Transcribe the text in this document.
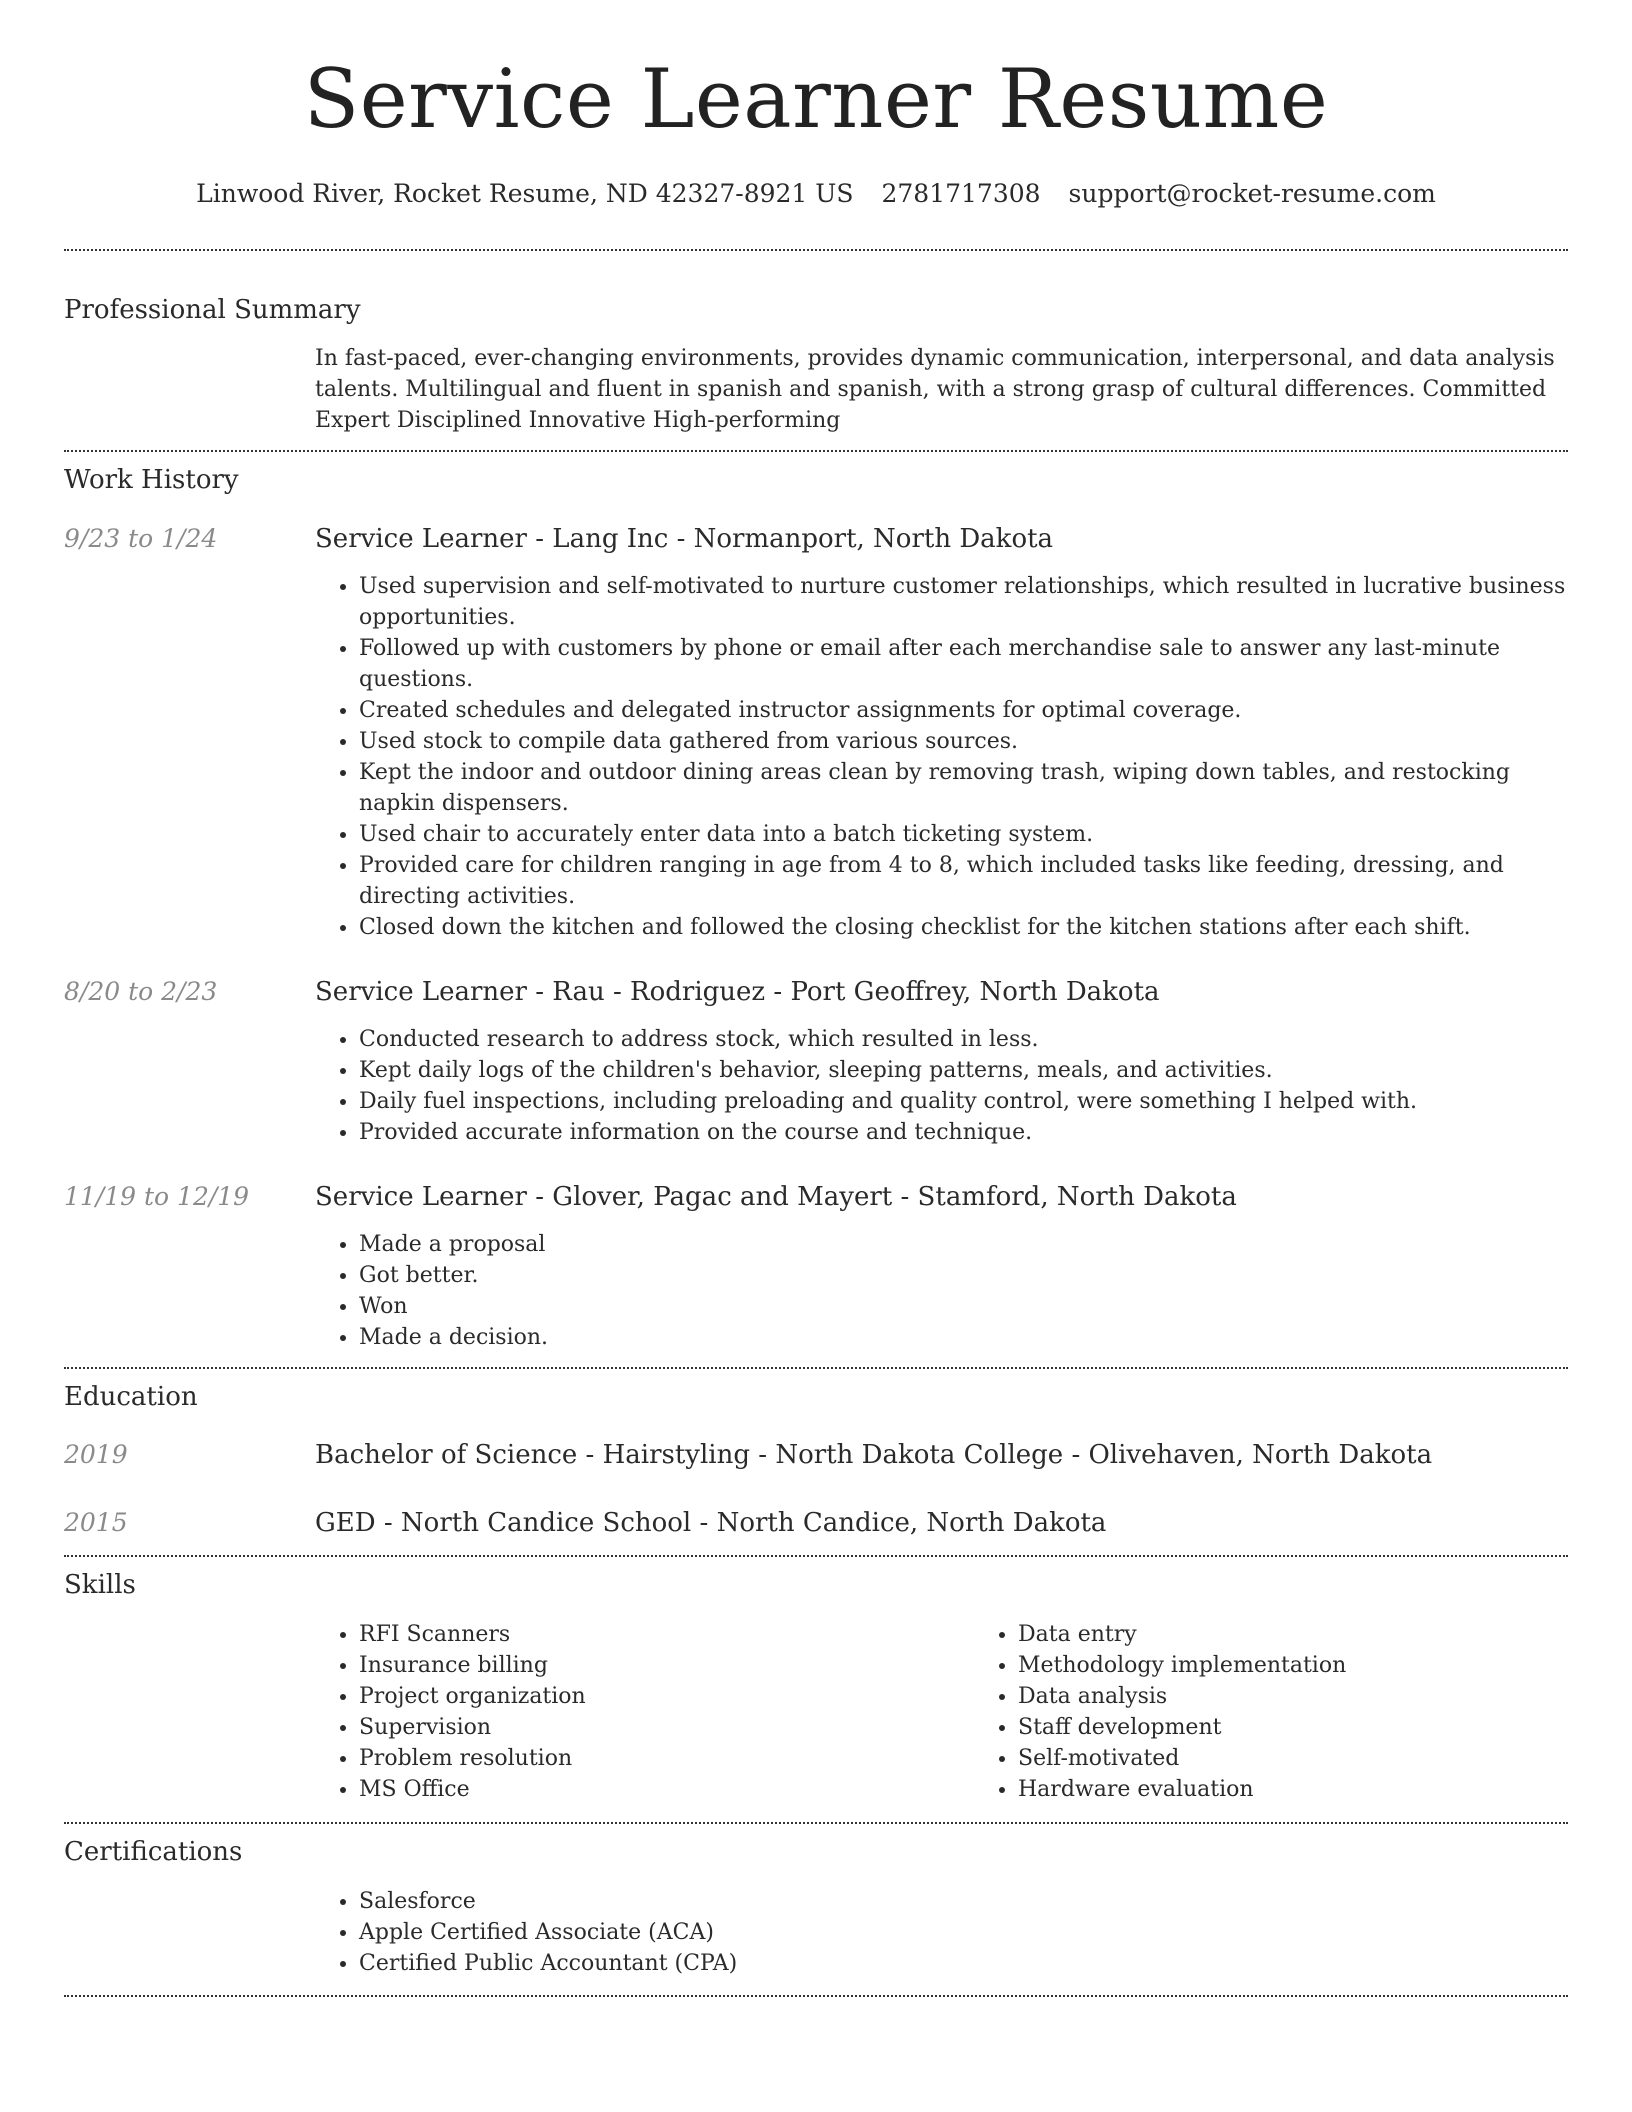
Service Learner Resume
Linwood River, Rocket Resume, ND 42327-8921 US 2781717308 support@rocket-resume.com
Professional Summary
In fast-paced, ever-changing environments, provides dynamic communication, interpersonal, and data analysis talents. Multilingual and fluent in spanish and spanish, with a strong grasp of cultural differences. Committed Expert Disciplined Innovative High-performing
Work History
9/23 to 1/24	Service Learner - Lang Inc - Normanport, North Dakota
• Used supervision and self-motivated to nurture customer relationships, which resulted in lucrative business opportunities.
• Followed up with customers by phone or email after each merchandise sale to answer any last-minute questions.
• Created schedules and delegated instructor assignments for optimal coverage.
• Used stock to compile data gathered from various sources.
• Kept the indoor and outdoor dining areas clean by removing trash, wiping down tables, and restocking napkin dispensers.
• Used chair to accurately enter data into a batch ticketing system.
• Provided care for children ranging in age from 4 to 8, which included tasks like feeding, dressing, and directing activities.
• Closed down the kitchen and followed the closing checklist for the kitchen stations after each shift.
8/20 to 2/23	Service Learner - Rau - Rodriguez - Port Geoffrey, North Dakota
• Conducted research to address stock, which resulted in less.
• Kept daily logs of the children's behavior, sleeping patterns, meals, and activities.
• Daily fuel inspections, including preloading and quality control, were something I helped with.
• Provided accurate information on the course and technique.
11/19 to 12/19	Service Learner - Glover, Pagac and Mayert - Stamford, North Dakota
• Made a proposal
• Got better.
• Won
• Made a decision.
Education
2019	Bachelor of Science - Hairstyling - North Dakota College - Olivehaven, North Dakota
2015	GED - North Candice School - North Candice, North Dakota
Skills
• RFI Scanners
• Insurance billing
• Project organization
• Supervision
• Problem resolution
• MS Office
• Data entry
• Methodology implementation
• Data analysis
• Staff development
• Self-motivated
• Hardware evaluation
Certifications
• Salesforce
• Apple Certified Associate (ACA)
• Certified Public Accountant (CPA)
